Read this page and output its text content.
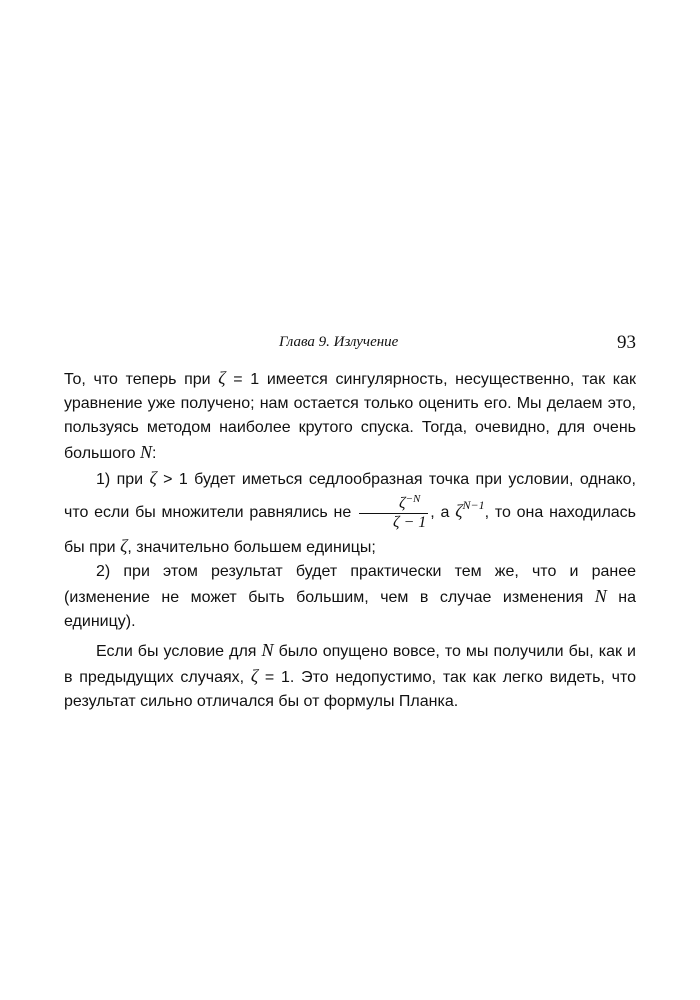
Глава 9. Излучение	93

То, что теперь при ζ = 1 имеется сингулярность, несущественно, так как уравнение уже получено; нам остается только оценить его. Мы делаем это, пользуясь методом наиболее крутого спуска. Тогда, очевидно, для очень большого N:

1) при ζ > 1 будет иметься седлообразная точка при условии, однако, что если бы множители равнялись не $\frac{\zeta^{-N}}{\zeta - 1}$ , а $\zeta^{N-1}$, то она находилась бы при ζ, значительно большем единицы;

2) при этом результат будет практически тем же, что и ранее (изменение не может быть большим, чем в случае изменения N на единицу).

Если бы условие для N было опущено вовсе, то мы получили бы, как и в предыдущих случаях, ζ = 1. Это недопустимо, так как легко видеть, что результат сильно отличался бы от формулы Планка.
